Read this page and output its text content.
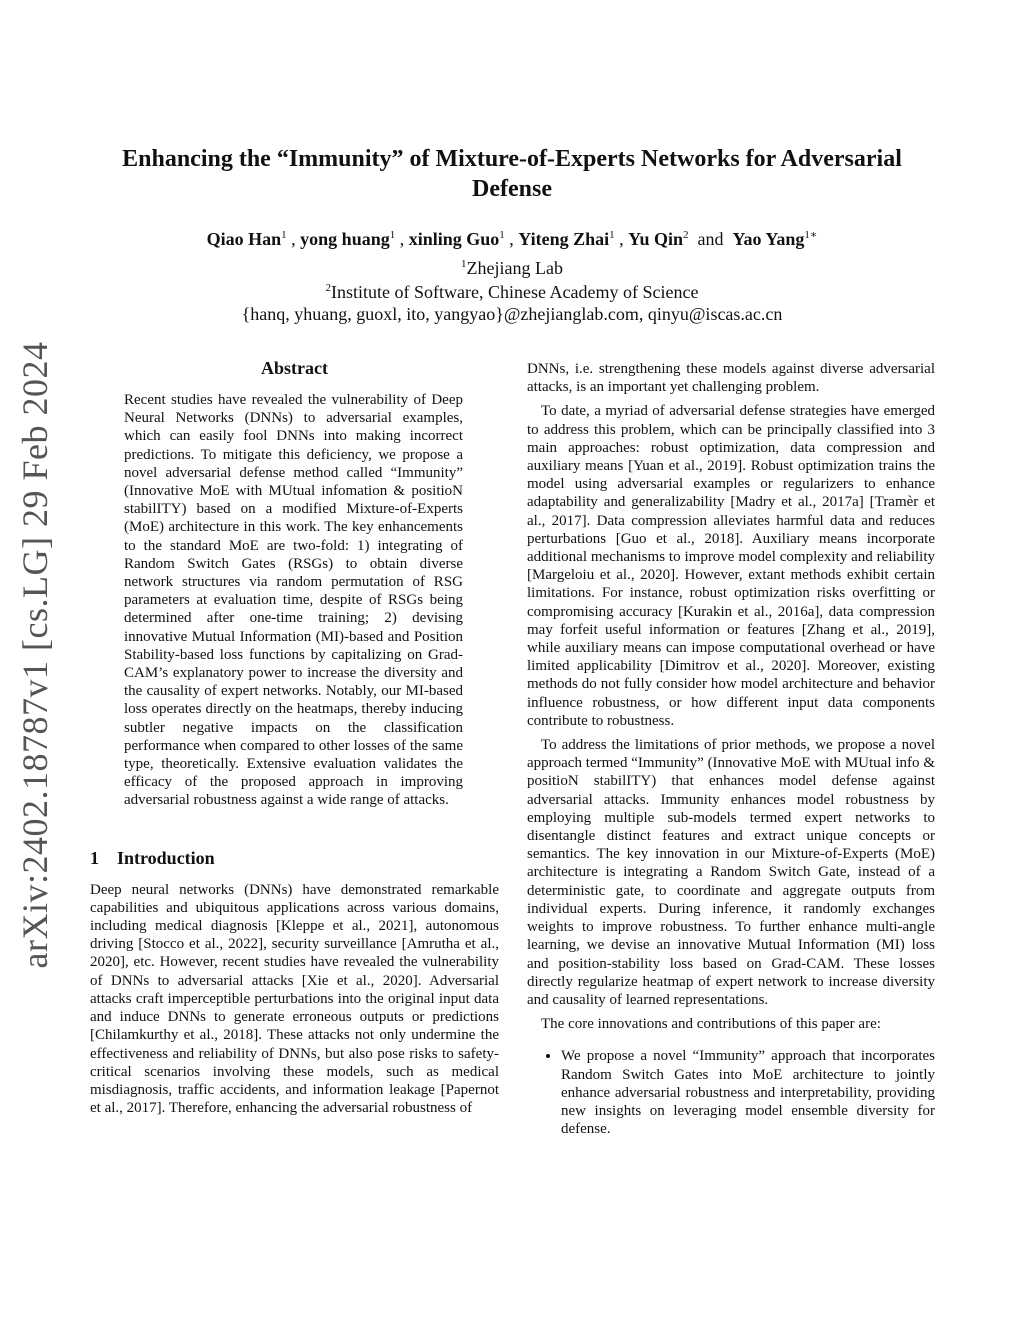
arXiv:2402.18787v1 [cs.LG] 29 Feb 2024
Enhancing the “Immunity” of Mixture-of-Experts Networks for Adversarial Defense
Qiao Han$^1$ , yong huang$^1$ , xinling Guo$^1$ , Yiteng Zhai$^1$ , Yu Qin$^2$ and Yao Yang$^{1∗}$
$^1$Zhejiang Lab
$^2$Institute of Software, Chinese Academy of Science
{hanq, yhuang, guoxl, ito, yangyao}@zhejianglab.com, qinyu@iscas.ac.cn
Abstract
Recent studies have revealed the vulnerability of Deep Neural Networks (DNNs) to adversarial examples, which can easily fool DNNs into making incorrect predictions. To mitigate this deficiency, we propose a novel adversarial defense method called “Immunity” (Innovative MoE with MUtual infomation & positioN stabilITY) based on a modified Mixture-of-Experts (MoE) architecture in this work. The key enhancements to the standard MoE are two-fold: 1) integrating of Random Switch Gates (RSGs) to obtain diverse network structures via random permutation of RSG parameters at evaluation time, despite of RSGs being determined after one-time training; 2) devising innovative Mutual Information (MI)-based and Position Stability-based loss functions by capitalizing on Grad-CAM’s explanatory power to increase the diversity and the causality of expert networks. Notably, our MI-based loss operates directly on the heatmaps, thereby inducing subtler negative impacts on the classification performance when compared to other losses of the same type, theoretically. Extensive evaluation validates the efficacy of the proposed approach in improving adversarial robustness against a wide range of attacks.
1 Introduction

Deep neural networks (DNNs) have demonstrated remarkable capabilities and ubiquitous applications across various domains, including medical diagnosis [Kleppe et al., 2021], autonomous driving [Stocco et al., 2022], security surveillance [Amrutha et al., 2020], etc. However, recent studies have revealed the vulnerability of DNNs to adversarial attacks [Xie et al., 2020]. Adversarial attacks craft imperceptible perturbations into the original input data and induce DNNs to generate erroneous outputs or predictions [Chilamkurthy et al., 2018]. These attacks not only undermine the effectiveness and reliability of DNNs, but also pose risks to safety-critical scenarios involving these models, such as medical misdiagnosis, traffic accidents, and information leakage [Papernot et al., 2017]. Therefore, enhancing the adversarial robustness of

DNNs, i.e. strengthening these models against diverse adversarial attacks, is an important yet challenging problem.

To date, a myriad of adversarial defense strategies have emerged to address this problem, which can be principally classified into 3 main approaches: robust optimization, data compression and auxiliary means [Yuan et al., 2019]. Robust optimization trains the model using adversarial examples or regularizers to enhance adaptability and generalizability [Madry et al., 2017a] [Tramèr et al., 2017]. Data compression alleviates harmful data and reduces perturbations [Guo et al., 2018]. Auxiliary means incorporate additional mechanisms to improve model complexity and reliability [Margeloiu et al., 2020]. However, extant methods exhibit certain limitations. For instance, robust optimization risks overfitting or compromising accuracy [Kurakin et al., 2016a], data compression may forfeit useful information or features [Zhang et al., 2019], while auxiliary means can impose computational overhead or have limited applicability [Dimitrov et al., 2020]. Moreover, existing methods do not fully consider how model architecture and behavior influence robustness, or how different input data components contribute to robustness.

To address the limitations of prior methods, we propose a novel approach termed “Immunity” (Innovative MoE with MUtual info & positioN stabilITY) that enhances model defense against adversarial attacks. Immunity enhances model robustness by employing multiple sub-models termed expert networks to disentangle distinct features and extract unique concepts or semantics. The key innovation in our Mixture-of-Experts (MoE) architecture is integrating a Random Switch Gate, instead of a deterministic gate, to coordinate and aggregate outputs from individual experts. During inference, it randomly exchanges weights to improve robustness. To further enhance multi-angle learning, we devise an innovative Mutual Information (MI) loss and position-stability loss based on Grad-CAM. These losses directly regularize heatmap of expert network to increase diversity and causality of learned representations.

The core innovations and contributions of this paper are:

• We propose a novel “Immunity” approach that incorporates Random Switch Gates into MoE architecture to jointly enhance adversarial robustness and interpretability, providing new insights on leveraging model ensemble diversity for defense.
